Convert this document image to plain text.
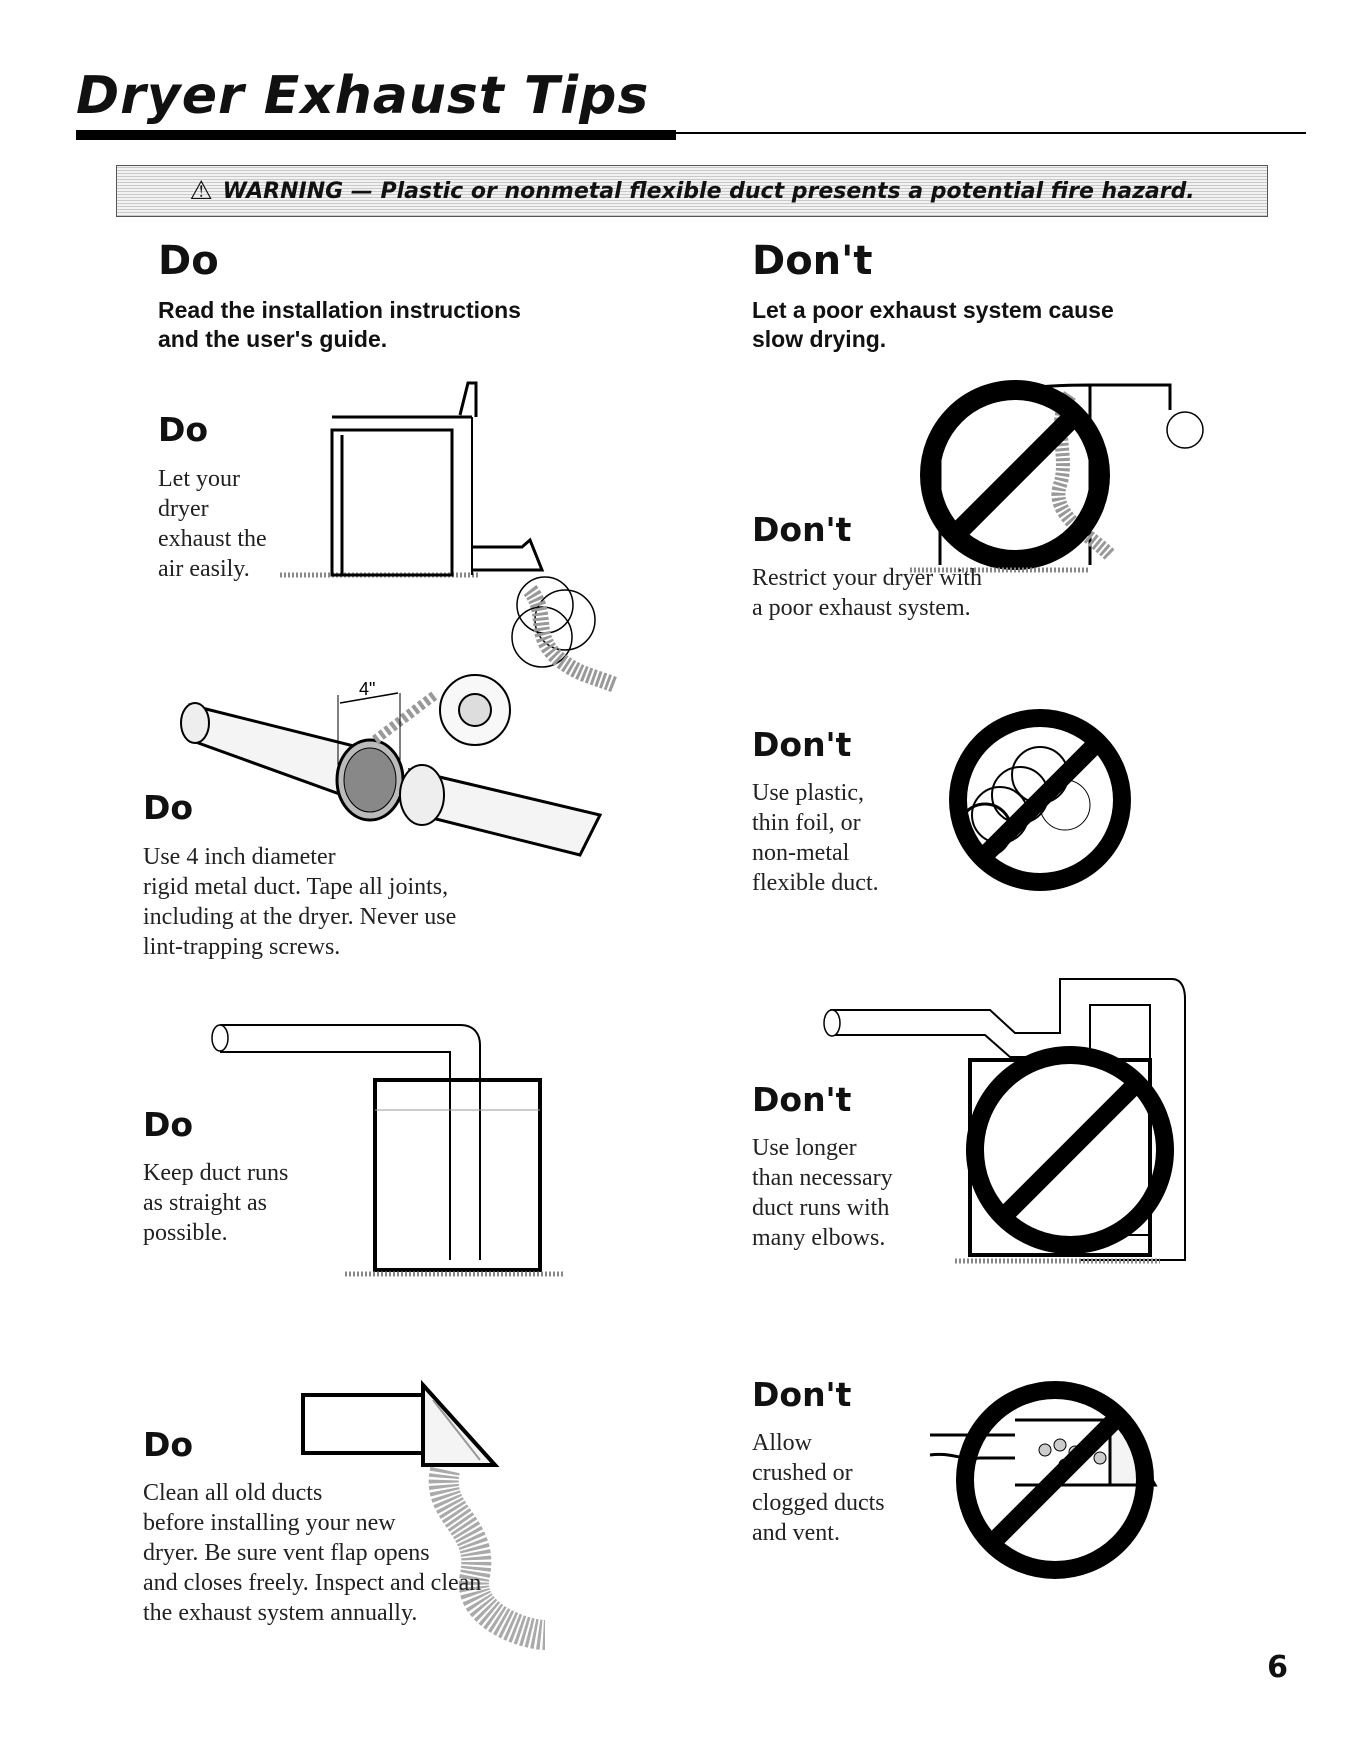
Dryer Exhaust Tips
⚠ WARNING — Plastic or nonmetal flexible duct presents a potential fire hazard.
Do

Read the installation instructions

and the user's guide.

Don't

Let a poor exhaust system cause

slow drying.

Do

Let your

dryer

exhaust the

air easily.

4"
Do

Use 4 inch diameter

rigid metal duct. Tape all joints,

including at the dryer. Never use

lint-trapping screws.

Do

Keep duct runs

as straight as

possible.

Do

Clean all old ducts

before installing your new

dryer. Be sure vent flap opens

and closes freely. Inspect and clean

the exhaust system annually.

Don't

Restrict your dryer with

a poor exhaust system.

Don't

Use plastic,

thin foil, or

non-metal

flexible duct.

Don't

Use longer

than necessary

duct runs with

many elbows.

Don't

Allow

crushed or

clogged ducts

and vent.

6
